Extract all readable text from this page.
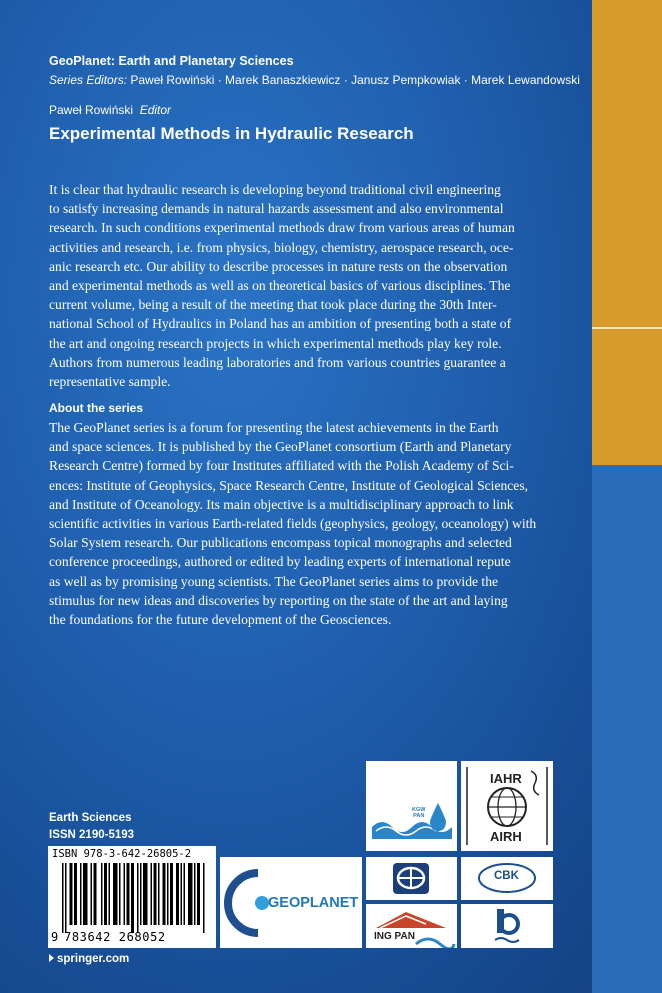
GeoPlanet: Earth and Planetary Sciences
Series Editors: Paweł Rowiński · Marek Banaszkiewicz · Janusz Pempkowiak · Marek Lewandowski
Paweł Rowiński Editor
Experimental Methods in Hydraulic Research
It is clear that hydraulic research is developing beyond traditional civil engineering
to satisfy increasing demands in natural hazards assessment and also environmental
research. In such conditions experimental methods draw from various areas of human
activities and research, i.e. from physics, biology, chemistry, aerospace research, oce-
anic research etc. Our ability to describe processes in nature rests on the observation
and experimental methods as well as on theoretical basics of various disciplines. The
current volume, being a result of the meeting that took place during the 30th Inter-
national School of Hydraulics in Poland has an ambition of presenting both a state of
the art and ongoing research projects in which experimental methods play key role.
Authors from numerous leading laboratories and from various countries guarantee a
representative sample.
About the series
The GeoPlanet series is a forum for presenting the latest achievements in the Earth
and space sciences. It is published by the GeoPlanet consortium (Earth and Planetary
Research Centre) formed by four Institutes affiliated with the Polish Academy of Sci-
ences: Institute of Geophysics, Space Research Centre, Institute of Geological Sciences,
and Institute of Oceanology. Its main objective is a multidisciplinary approach to link
scientific activities in various Earth-related fields (geophysics, geology, oceanology) with
Solar System research. Our publications encompass topical monographs and selected
conference proceedings, authored or edited by leading experts of international repute
as well as by promising young scientists. The GeoPlanet series aims to provide the
stimulus for new ideas and discoveries by reporting on the state of the art and laying
the foundations for the future development of the Geosciences.
Earth Sciences
ISSN 2190-5193
ISBN 978-3-642-26805-2
9 783642 268052
springer.com
KGW
PAN
IAHR
AIRH
GEOPLANET
CBK
ING PAN
